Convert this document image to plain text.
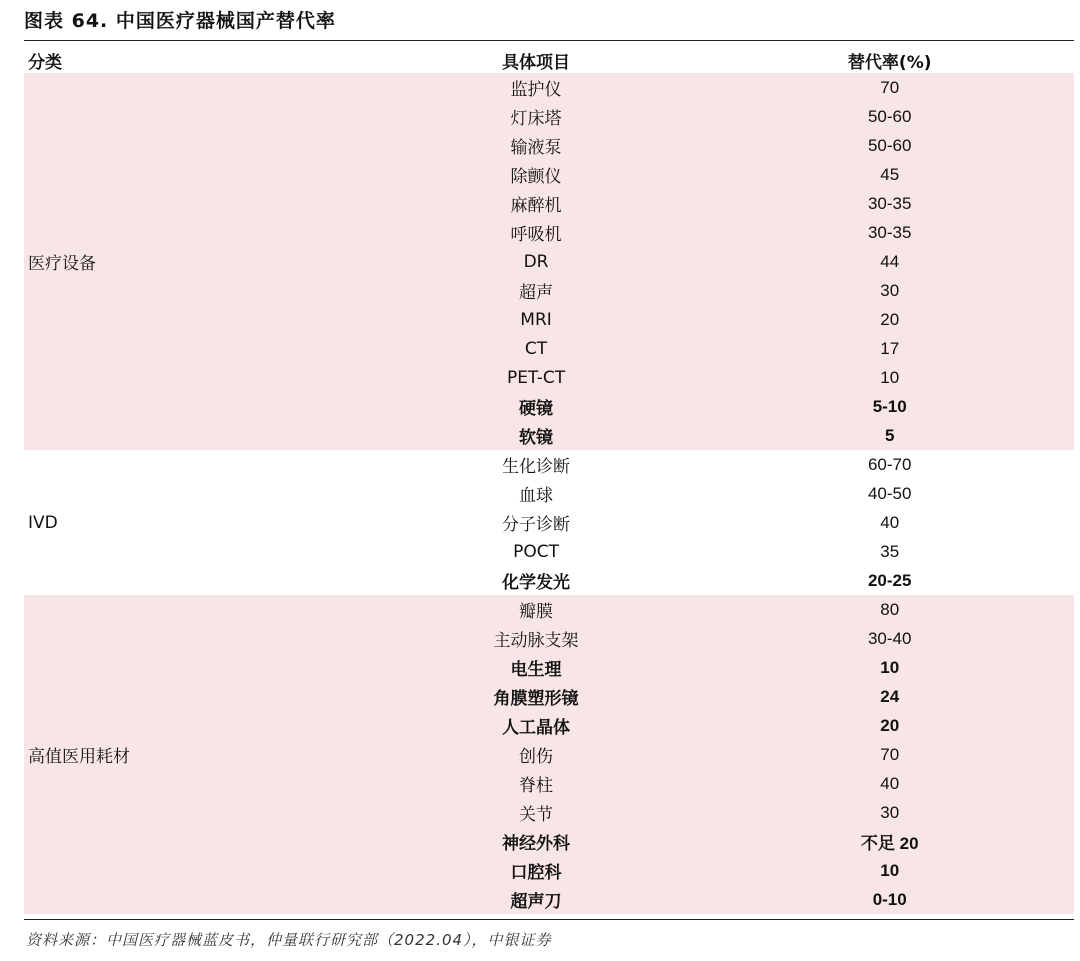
图表 64. 中国医疗器械国产替代率
分类	具体项目	替代率(%)
医疗设备	监护仪	70
	灯床塔	50-60
	输液泵	50-60
	除颤仪	45
	麻醉机	30-35
	呼吸机	30-35
	DR	44
	超声	30
	MRI	20
	CT	17
	PET-CT	10
	硬镜	5-10
	软镜	5
IVD	生化诊断	60-70
	血球	40-50
	分子诊断	40
	POCT	35
	化学发光	20-25
高值医用耗材	瓣膜	80
	主动脉支架	30-40
	电生理	10
	角膜塑形镜	24
	人工晶体	20
	创伤	70
	脊柱	40
	关节	30
	神经外科	不足 20
	口腔科	10
	超声刀	0-10
资料来源：中国医疗器械蓝皮书，仲量联行研究部（2022.04），中银证券
